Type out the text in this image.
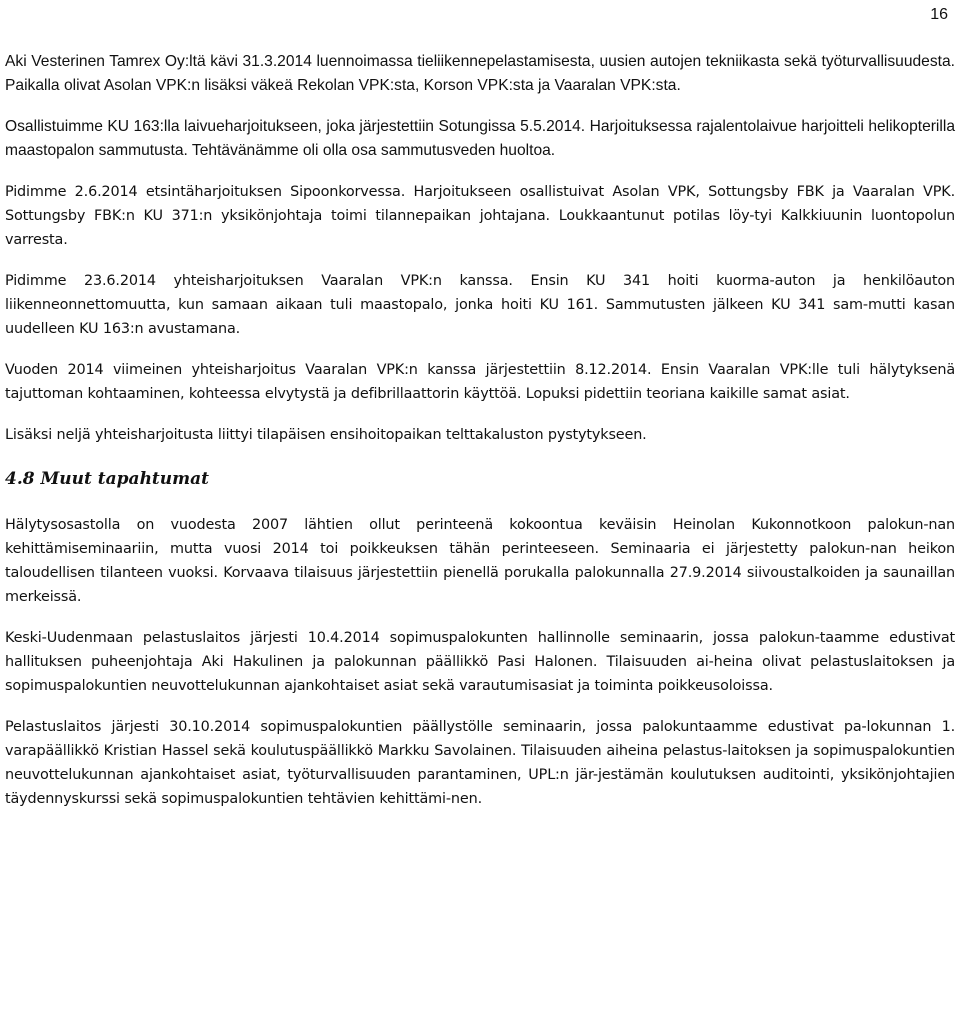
16

Aki Vesterinen Tamrex Oy:ltä kävi 31.3.2014 luennoimassa tieliikennepelastamisesta, uusien autojen tekniikasta sekä työturvallisuudesta. Paikalla olivat Asolan VPK:n lisäksi väkeä Rekolan VPK:sta, Korson VPK:sta ja Vaaralan VPK:sta.

Osallistuimme KU 163:lla laivueharjoitukseen, joka järjestettiin Sotungissa 5.5.2014. Harjoituksessa rajalentolaivue harjoitteli helikopterilla maastopalon sammutusta. Tehtävänämme oli olla osa sammutusveden huoltoa.

Pidimme 2.6.2014 etsintäharjoituksen Sipoonkorvessa. Harjoitukseen osallistuivat Asolan VPK, Sottungsby FBK ja Vaaralan VPK. Sottungsby FBK:n KU 371:n yksikönjohtaja toimi tilannepaikan johtajana. Loukkaantunut potilas löy-tyi Kalkkiuunin luontopolun varresta.

Pidimme 23.6.2014 yhteisharjoituksen Vaaralan VPK:n kanssa. Ensin KU 341 hoiti kuorma-auton ja henkilöauton liikenneonnettomuutta, kun samaan aikaan tuli maastopalo, jonka hoiti KU 161. Sammutusten jälkeen KU 341 sam-mutti kasan uudelleen KU 163:n avustamana.

Vuoden 2014 viimeinen yhteisharjoitus Vaaralan VPK:n kanssa järjestettiin 8.12.2014. Ensin Vaaralan VPK:lle tuli hälytyksenä tajuttoman kohtaaminen, kohteessa elvytystä ja defibrillaattorin käyttöä. Lopuksi pidettiin teoriana kaikille samat asiat.

Lisäksi neljä yhteisharjoitusta liittyi tilapäisen ensihoitopaikan telttakaluston pystytykseen.

4.8 Muut tapahtumat

Hälytysosastolla on vuodesta 2007 lähtien ollut perinteenä kokoontua keväisin Heinolan Kukonnotkoon palokun-nan kehittämiseminaariin, mutta vuosi 2014 toi poikkeuksen tähän perinteeseen. Seminaaria ei järjestetty palokun-nan heikon taloudellisen tilanteen vuoksi. Korvaava tilaisuus järjestettiin pienellä porukalla palokunnalla 27.9.2014 siivoustalkoiden ja saunaillan merkeissä.

Keski-Uudenmaan pelastuslaitos järjesti 10.4.2014 sopimuspalokunten hallinnolle seminaarin, jossa palokun-taamme edustivat hallituksen puheenjohtaja Aki Hakulinen ja palokunnan päällikkö Pasi Halonen. Tilaisuuden ai-heina olivat pelastuslaitoksen ja sopimuspalokuntien neuvottelukunnan ajankohtaiset asiat sekä varautumisasiat ja toiminta poikkeusoloissa.

Pelastuslaitos järjesti 30.10.2014 sopimuspalokuntien päällystölle seminaarin, jossa palokuntaamme edustivat pa-lokunnan 1. varapäällikkö Kristian Hassel sekä koulutuspäällikkö Markku Savolainen. Tilaisuuden aiheina pelastus-laitoksen ja sopimuspalokuntien neuvottelukunnan ajankohtaiset asiat, työturvallisuuden parantaminen, UPL:n jär-jestämän koulutuksen auditointi, yksikönjohtajien täydennyskurssi sekä sopimuspalokuntien tehtävien kehittämi-nen.
